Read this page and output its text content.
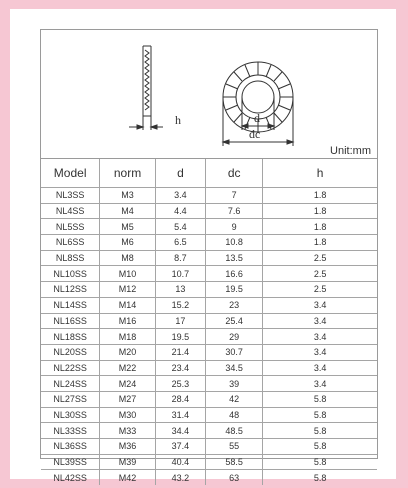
h	d
dc
Unit:mm
Model	norm	d	dc	h
NL3SS	M3	3.4	7	1.8
NL4SS	M4	4.4	7.6	1.8
NL5SS	M5	5.4	9	1.8
NL6SS	M6	6.5	10.8	1.8
NL8SS	M8	8.7	13.5	2.5
NL10SS	M10	10.7	16.6	2.5
NL12SS	M12	13	19.5	2.5
NL14SS	M14	15.2	23	3.4
NL16SS	M16	17	25.4	3.4
NL18SS	M18	19.5	29	3.4
NL20SS	M20	21.4	30.7	3.4
NL22SS	M22	23.4	34.5	3.4
NL24SS	M24	25.3	39	3.4
NL27SS	M27	28.4	42	5.8
NL30SS	M30	31.4	48	5.8
NL33SS	M33	34.4	48.5	5.8
NL36SS	M36	37.4	55	5.8
NL39SS	M39	40.4	58.5	5.8
NL42SS	M42	43.2	63	5.8
